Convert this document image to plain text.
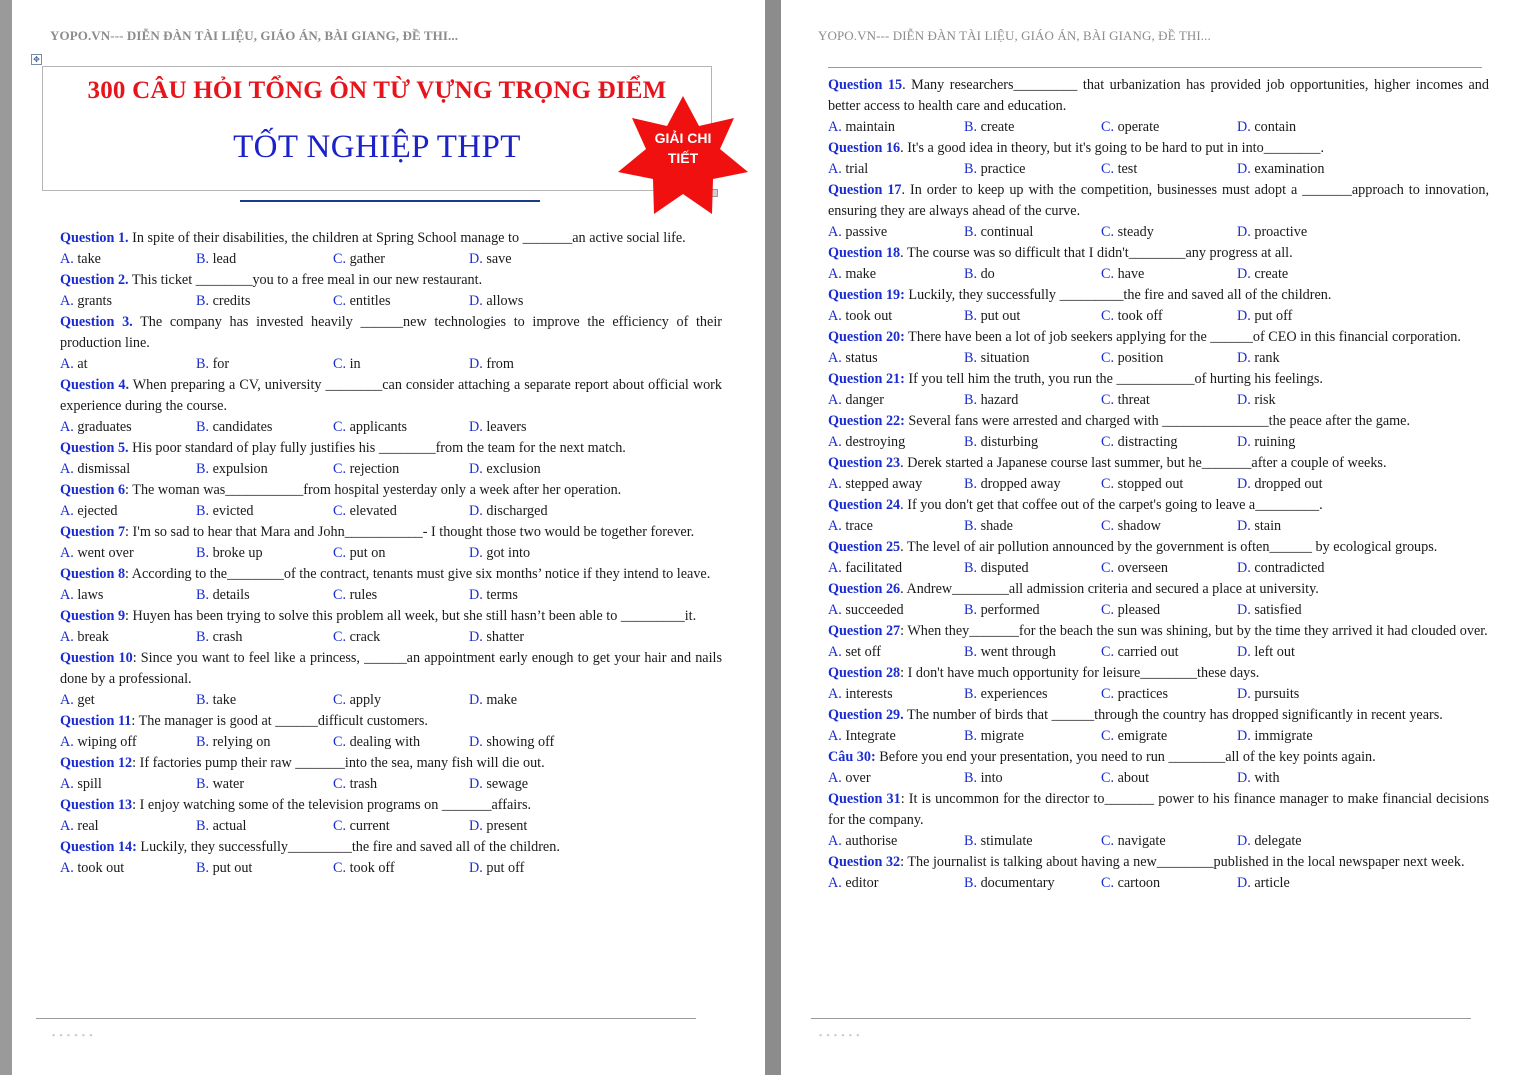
YOPO.VN--- DIỄN ĐÀN TÀI LIỆU, GIÁO ÁN, BÀI GIANG, ĐỀ THI...
✥
300 CÂU HỎI TỔNG ÔN TỪ VỰNG TRỌNG ĐIỂM
TỐT NGHIỆP THPT	GIẢI CHI
TIẾT
Question 1. In spite of their disabilities, the children at Spring School manage to _______an active social life.
A. take	B. lead	C. gather	D. save
Question 2. This ticket ________you to a free meal in our new restaurant.
A. grants	B. credits	C. entitles	D. allows
Question 3. The company has invested heavily ______new technologies to improve the efficiency of their production line.
A. at	B. for	C. in	D. from
Question 4. When preparing a CV, university ________can consider attaching a separate report about official work experience during the course.
A. graduates	B. candidates	C. applicants	D. leavers
Question 5. His poor standard of play fully justifies his ________from the team for the next match.
A. dismissal	B. expulsion	C. rejection	D. exclusion
Question 6: The woman was___________from hospital yesterday only a week after her operation.
A. ejected	B. evicted	C. elevated	D. discharged
Question 7: I'm so sad to hear that Mara and John___________- I thought those two would be together forever.
A. went over	B. broke up	C. put on	D. got into
Question 8: According to the________of the contract, tenants must give six months’ notice if they intend to leave.
A. laws	B. details	C. rules	D. terms
Question 9: Huyen has been trying to solve this problem all week, but she still hasn’t been able to _________it.
A. break	B. crash	C. crack	D. shatter
Question 10: Since you want to feel like a princess, ______an appointment early enough to get your hair and nails done by a professional.
A. get	B. take	C. apply	D. make
Question 11: The manager is good at ______difficult customers.
A. wiping off	B. relying on	C. dealing with	D. showing off
Question 12: If factories pump their raw _______into the sea, many fish will die out.
A. spill	B. water	C. trash	D. sewage
Question 13: I enjoy watching some of the television programs on _______affairs.
A. real	B. actual	C. current	D. present
Question 14: Luckily, they successfully_________the fire and saved all of the children.
A. took out	B. put out	C. took off	D. put off
▪ ▪ ▪ ▪ ▪ ▪
YOPO.VN--- DIỄN ĐÀN TÀI LIỆU, GIÁO ÁN, BÀI GIANG, ĐỀ THI...
Question 15. Many researchers_________ that urbanization has provided job opportunities, higher incomes and better access to health care and education.
A. maintain	B. create	C. operate	D. contain
Question 16. It's a good idea in theory, but it's going to be hard to put in into________.
A. trial	B. practice	C. test	D. examination
Question 17. In order to keep up with the competition, businesses must adopt a _______approach to innovation, ensuring they are always ahead of the curve.
A. passive	B. continual	C. steady	D. proactive
Question 18. The course was so difficult that I didn't________any progress at all.
A. make	B. do	C. have	D. create
Question 19: Luckily, they successfully _________the fire and saved all of the children.
A. took out	B. put out	C. took off	D. put off
Question 20: There have been a lot of job seekers applying for the ______of CEO in this financial corporation.
A. status	B. situation	C. position	D. rank
Question 21: If you tell him the truth, you run the ___________of hurting his feelings.
A. danger	B. hazard	C. threat	D. risk
Question 22: Several fans were arrested and charged with _______________the peace after the game.
A. destroying	B. disturbing	C. distracting	D. ruining
Question 23. Derek started a Japanese course last summer, but he_______after a couple of weeks.
A. stepped away	B. dropped away	C. stopped out	D. dropped out
Question 24. If you don't get that coffee out of the carpet's going to leave a_________.
A. trace	B. shade	C. shadow	D. stain
Question 25. The level of air pollution announced by the government is often______ by ecological groups.
A. facilitated	B. disputed	C. overseen	D. contradicted
Question 26. Andrew________all admission criteria and secured a place at university.
A. succeeded	B. performed	C. pleased	D. satisfied
Question 27: When they_______for the beach the sun was shining, but by the time they arrived it had clouded over.
A. set off	B. went through	C. carried out	D. left out
Question 28: I don't have much opportunity for leisure________these days.
A. interests	B. experiences	C. practices	D. pursuits
Question 29. The number of birds that ______through the country has dropped significantly in recent years.
A. Integrate	B. migrate	C. emigrate	D. immigrate
Câu 30: Before you end your presentation, you need to run ________all of the key points again.
A. over	B. into	C. about	D. with
Question 31: It is uncommon for the director to_______ power to his finance manager to make financial decisions for the company.
A. authorise	B. stimulate	C. navigate	D. delegate
Question 32: The journalist is talking about having a new________published in the local newspaper next week.
A. editor	B. documentary	C. cartoon	D. article
▪ ▪ ▪ ▪ ▪ ▪
